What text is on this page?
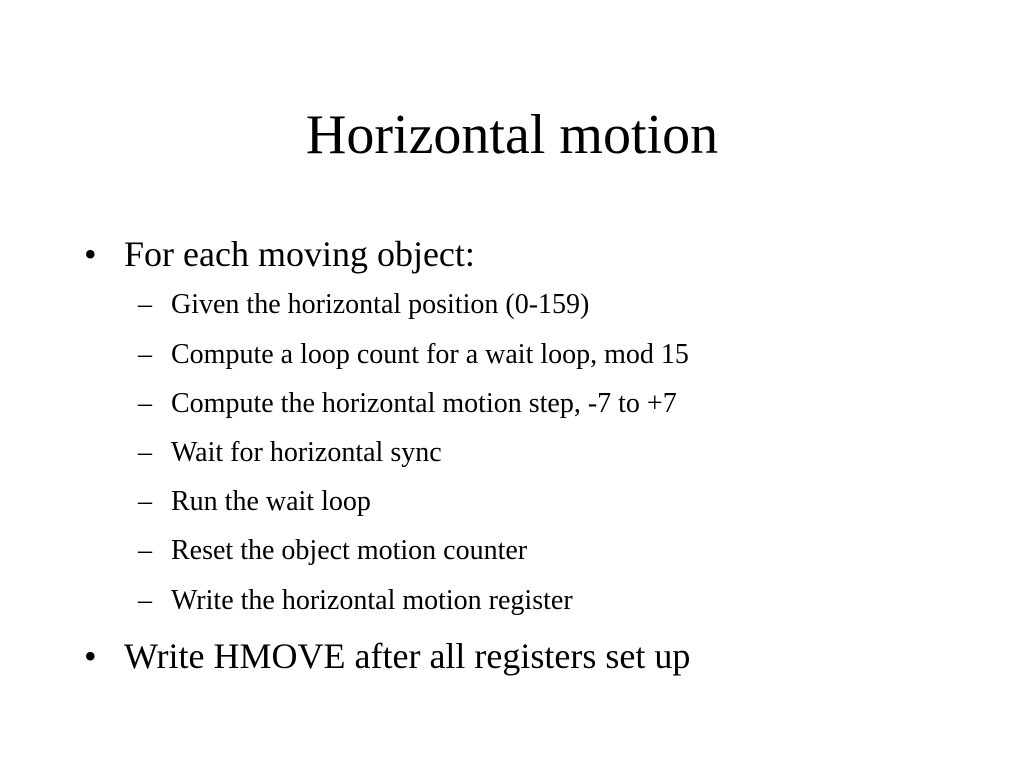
Horizontal motion
• For each moving object:
– Given the horizontal position (0-159)
– Compute a loop count for a wait loop, mod 15
– Compute the horizontal motion step, -7 to +7
– Wait for horizontal sync
– Run the wait loop
– Reset the object motion counter
– Write the horizontal motion register
• Write HMOVE after all registers set up
